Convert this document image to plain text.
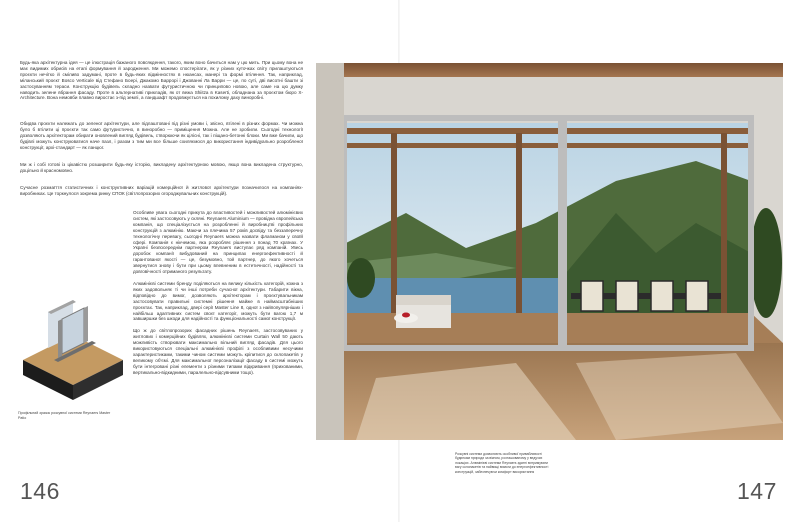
Будь-яка архітектурна ідея — це ілюстрація бажаного повсякдення, такого, яким воно бачиться нам у цю мить. При цьому вона не має видимих обрисів на етапі формування й зародження. Ми можемо спостерігати, як у різних куточках світу прилаштуються проєкти нечітко й сміливо задумані, проте в будь-яких відмінностях в нюансах, манері та формі втілення. Так, наприклад, міланський проєкт Bosco Verticale від Стефано Боері, Джакомо Баррорі і Джованні Ла Варри — це, по суті, дві висотні башти зі застосуванням тераси. Конструкцію будівель складно назвати футуристичною чи принципово новою, але саме на цю думку наводить зелене вбрання фасаду. Проте в альтернативі прикладів, як от вежа Shiitza в Kaserti, обладнана за проєктом бюро X-Architecture. Вона немовби плавно виростає з-під землі, а ландшафт продовжується на похилому даху виноробні.

Обидва проєкти належать до зеленої архітектури, але підлаштовані під різні умови і, звісно, втілені в різних формах. Чи можна було б втілити ці проєкти так само футуристично, в виноробно — приміщення Можна. Але не зробили. Сьогодні технології дозволяють архітекторам обирати оновлений вигляд будівель, створюючи як цілісні, так і піщано-бетонні блоки. Ми вже бачили, що будівлі можуть конструюватися наче пазл, і разом з тим ми все більше схиляємося до використання індивідуально розробленої конструкції, архі-стандарт — як ланцюг.

Ми ж і собі готові із цікавістю розширити будь-яку історію, викладену архітектурною мовою, якщо вона викладена структурно, доцільно й красномовно.

Сучасне розмаїття статистичних і конструктивних варіацій комерційної й житлової архітектури позначилося на компаніях-виробниках. Це торкнулося зокрема ринку СПОК (світлопрозорих огороджувальних конструкцій).

Особливе увага сьогодні прикута до властивостей і можливостей алюмінієвих систем, які застосовують у скляні. Reynaers Aluminium — провідна європейська компанія, що спеціалізується на розробленні й виробництві профільних конструкцій з алюмінію. Маючи за плечима 57 років досвіду та беззаперечну технологічну перевагу, сьогодні Reynaers можна назвати флагманом у своїй сфері. Компанія є нікчемою, яка розробляє рішення з понад 70 країнах. У Україні безпосереднім партнером Reynaers виступає ряд компаній. Увесь доробок компанії вибудований на принципах енергоефективності й гарантованої якості — це, безумовно, той партнер, до якого хочеться звернутися знову і бути при цьому впевненим в естетичності, надійності та довговічності отриманого результату.

Алюмінієві системи бренду поділяються на велику кількість категорій, кожна з яких задовольняє ті чи інші потреби сучасної архітектури. Габарити вікна, відповідно до вимог, дозволяють архітекторам і проєктувальникам застосовувати правильні системні рішення майже в наймасштабніших проєктах. Так, наприклад, двері серії Master Line 8, одної з найпопулярніших і найбільш адаптивних систем своєї категорії, можуть бути вагою 1,7 м завширшки без шкоди для надійності та функціональності самої конструкції.

Що ж до світлопрозорих фасадних рішень Reynaers, застосовуваних у житлових і комерційних будівлях, алюмінієві системи Curtain Wall 50 дають можливість створювати максимально вільний вигляд фасадів. Для цього використовуються спеціальні алюмінієві профілі з особливими несучими характеристиками, такими чином системи можуть кріпитися до склопакетів у великому об'ємі. Для максимальної персоналізації фасаду в системі можуть бути інтегровані різні елементи з різними типами відкривання (прихованими, вертикально-відкидними, паралельно-відсувними тощо).

Профільний зразок розсувної системи Reynaers Master Patio
146
Розсувні системи дозволяють особливої привабливості будинкам природи за вікном, розташованому у ведучих локаціях. Алюмінієві системи Reynaers здатні витримувати вагу склопакетів та найвищі вимоги до енергоефективності конструкцій, забезпечуючи комфорт використання
147
